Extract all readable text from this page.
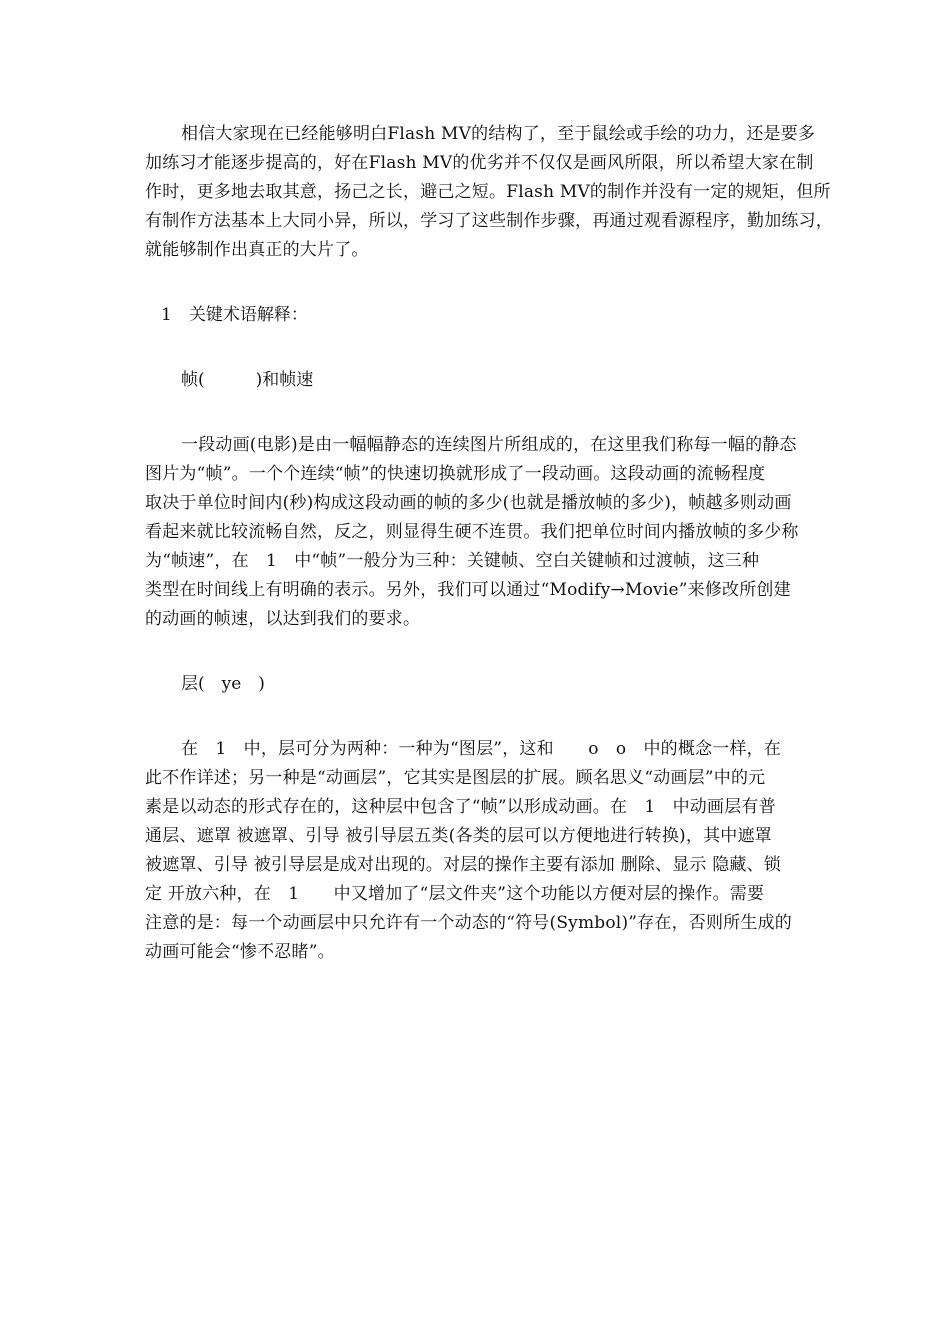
相信大家现在已经能够明白Flash MV的结构了，至于鼠绘或手绘的功力，还是要多
加练习才能逐步提高的，好在Flash MV的优劣并不仅仅是画风所限，所以希望大家在制
作时，更多地去取其意，扬己之长，避己之短。Flash MV的制作并没有一定的规矩，但所
有制作方法基本上大同小异，所以，学习了这些制作步骤，再通过观看源程序，勤加练习，
就能够制作出真正的大片了。

1　关键术语解释：

帧(　　　)和帧速

一段动画(电影)是由一幅幅静态的连续图片所组成的，在这里我们称每一幅的静态
图片为“帧”。一个个连续“帧”的快速切换就形成了一段动画。这段动画的流畅程度
取决于单位时间内(秒)构成这段动画的帧的多少(也就是播放帧的多少)，帧越多则动画
看起来就比较流畅自然，反之，则显得生硬不连贯。我们把单位时间内播放帧的多少称
为“帧速”，在　1　中“帧”一般分为三种：关键帧、空白关键帧和过渡帧，这三种
类型在时间线上有明确的表示。另外，我们可以通过“Modify→Movie”来修改所创建
的动画的帧速，以达到我们的要求。

层(　ye　)

在　1　中，层可分为两种：一种为“图层”，这和　　o　o　中的概念一样，在
此不作详述；另一种是“动画层”，它其实是图层的扩展。顾名思义“动画层”中的元
素是以动态的形式存在的，这种层中包含了“帧”以形成动画。在　1　中动画层有普
通层、遮罩 被遮罩、引导 被引导层五类(各类的层可以方便地进行转换)，其中遮罩
被遮罩、引导 被引导层是成对出现的。对层的操作主要有添加 删除、显示 隐藏、锁
定 开放六种，在　1　　中又增加了“层文件夹”这个功能以方便对层的操作。需要
注意的是：每一个动画层中只允许有一个动态的“符号(Symbol)”存在，否则所生成的
动画可能会“惨不忍睹”。
